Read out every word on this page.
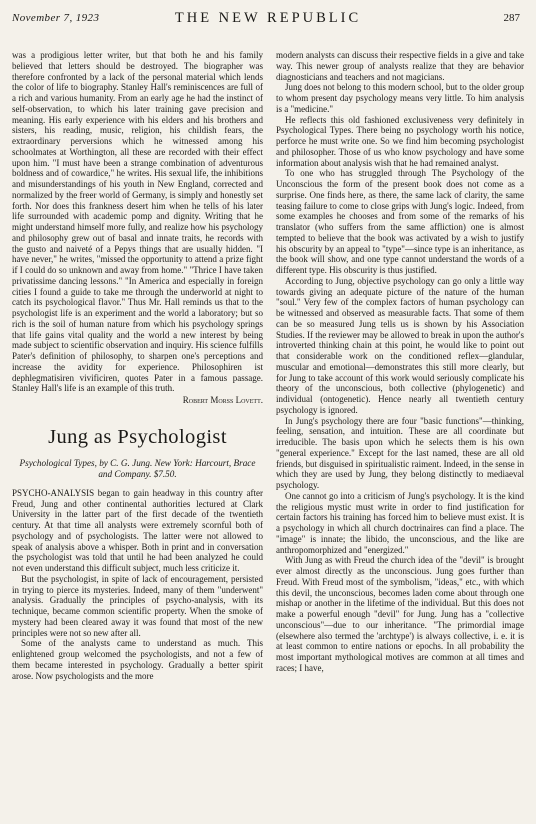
November 7, 1923	THE NEW REPUBLIC	287

was a prodigious letter writer, but that both he and his family believed that letters should be destroyed. The biographer was therefore confronted by a lack of the personal material which lends the color of life to biography. Stanley Hall's reminiscences are full of a rich and various humanity. From an early age he had the instinct of self-observation, to which his later training gave precision and meaning. His early experience with his elders and his brothers and sisters, his reading, music, religion, his childish fears, the extraordinary perversions which he witnessed among his schoolmates at Worthington, all these are recorded with their effect upon him. "I must have been a strange combination of adventurous boldness and of cowardice," he writes. His sexual life, the inhibitions and misunderstandings of his youth in New England, corrected and normalized by the freer world of Germany, is simply and honestly set forth. Nor does this frankness desert him when he tells of his later life surrounded with academic pomp and dignity. Writing that he might understand himself more fully, and realize how his psychology and philosophy grew out of basal and innate traits, he records with the gusto and naiveté of a Pepys things that are usually hidden. "I have never," he writes, "missed the opportunity to attend a prize fight if I could do so unknown and away from home." "Thrice I have taken privatissime dancing lessons." "In America and especially in foreign cities I found a guide to take me through the underworld at night to catch its psychological flavor." Thus Mr. Hall reminds us that to the psychologist life is an experiment and the world a laboratory; but so rich is the soil of human nature from which his psychology springs that life gains vital quality and the world a new interest by being made subject to scientific observation and inquiry. His science fulfills Pater's definition of philosophy, to sharpen one's perceptions and increase the avidity for experience. Philosophiren ist dephlegmatisiren vivificiren, quotes Pater in a famous passage. Stanley Hall's life is an example of this truth.

Robert Morss Lovett.
Jung as Psychologist
Psychological Types, by C. G. Jung. New York: Harcourt, Brace and Company. $7.50.

PSYCHO-ANALYSIS began to gain headway in this country after Freud, Jung and other continental authorities lectured at Clark University in the latter part of the first decade of the twentieth century. At that time all analysts were extremely scornful both of psychology and of psychologists. The latter were not allowed to speak of analysis above a whisper. Both in print and in conversation the psychologist was told that until he had been analyzed he could not even understand this difficult subject, much less criticize it.

But the psychologist, in spite of lack of encouragement, persisted in trying to pierce its mysteries. Indeed, many of them "underwent" analysis. Gradually the principles of psycho-analysis, with its technique, became common scientific property. When the smoke of mystery had been cleared away it was found that most of the new principles were not so new after all.

Some of the analysts came to understand as much. This enlightened group welcomed the psychologists, and not a few of them became interested in psychology. Gradually a better spirit arose. Now psychologists and the more

modern analysts can discuss their respective fields in a give and take way. This newer group of analysts realize that they are behavior diagnosticians and teachers and not magicians.

Jung does not belong to this modern school, but to the older group to whom present day psychology means very little. To him analysis is a "medicine."

He reflects this old fashioned exclusiveness very definitely in Psychological Types. There being no psychology worth his notice, perforce he must write one. So we find him becoming psychologist and philosopher. Those of us who know psychology and have some information about analysis wish that he had remained analyst.

To one who has struggled through The Psychology of the Unconscious the form of the present book does not come as a surprise. One finds here, as there, the same lack of clarity, the same teasing failure to come to close grips with Jung's logic. Indeed, from some examples he chooses and from some of the remarks of his translator (who suffers from the same affliction) one is almost tempted to believe that the book was activated by a wish to justify his obscurity by an appeal to "type"—since type is an inheritance, as the book will show, and one type cannot understand the words of a different type. His obscurity is thus justified.

According to Jung, objective psychology can go only a little way towards giving an adequate picture of the nature of the human "soul." Very few of the complex factors of human psychology can be witnessed and observed as measurable facts. That some of them can be so measured Jung tells us is shown by his Association Studies. If the reviewer may be allowed to break in upon the author's introverted thinking chain at this point, he would like to point out that considerable work on the conditioned reflex—glandular, muscular and emotional—demonstrates this still more clearly, but for Jung to take account of this work would seriously complicate his theory of the unconscious, both collective (phylogenetic) and individual (ontogenetic). Hence nearly all twentieth century psychology is ignored.

In Jung's psychology there are four "basic functions"—thinking, feeling, sensation, and intuition. These are all coordinate but irreducible. The basis upon which he selects them is his own "general experience." Except for the last named, these are all old friends, but disguised in spiritualistic raiment. Indeed, in the sense in which they are used by Jung, they belong distinctly to mediaeval psychology.

One cannot go into a criticism of Jung's psychology. It is the kind the religious mystic must write in order to find justification for certain factors his training has forced him to believe must exist. It is a psychology in which all church doctrinaires can find a place. The "image" is innate; the libido, the unconscious, and the like are anthropomorphized and "energized."

With Jung as with Freud the church idea of the "devil" is brought ever almost directly as the unconscious. Jung goes further than Freud. With Freud most of the symbolism, "ideas," etc., with which this devil, the unconscious, becomes laden come about through one mishap or another in the lifetime of the individual. But this does not make a powerful enough "devil" for Jung. Jung has a "collective unconscious"—due to our inheritance. "The primordial image (elsewhere also termed the 'archtype') is always collective, i. e. it is at least common to entire nations or epochs. In all probability the most important mythological motives are common at all times and races; I have,
